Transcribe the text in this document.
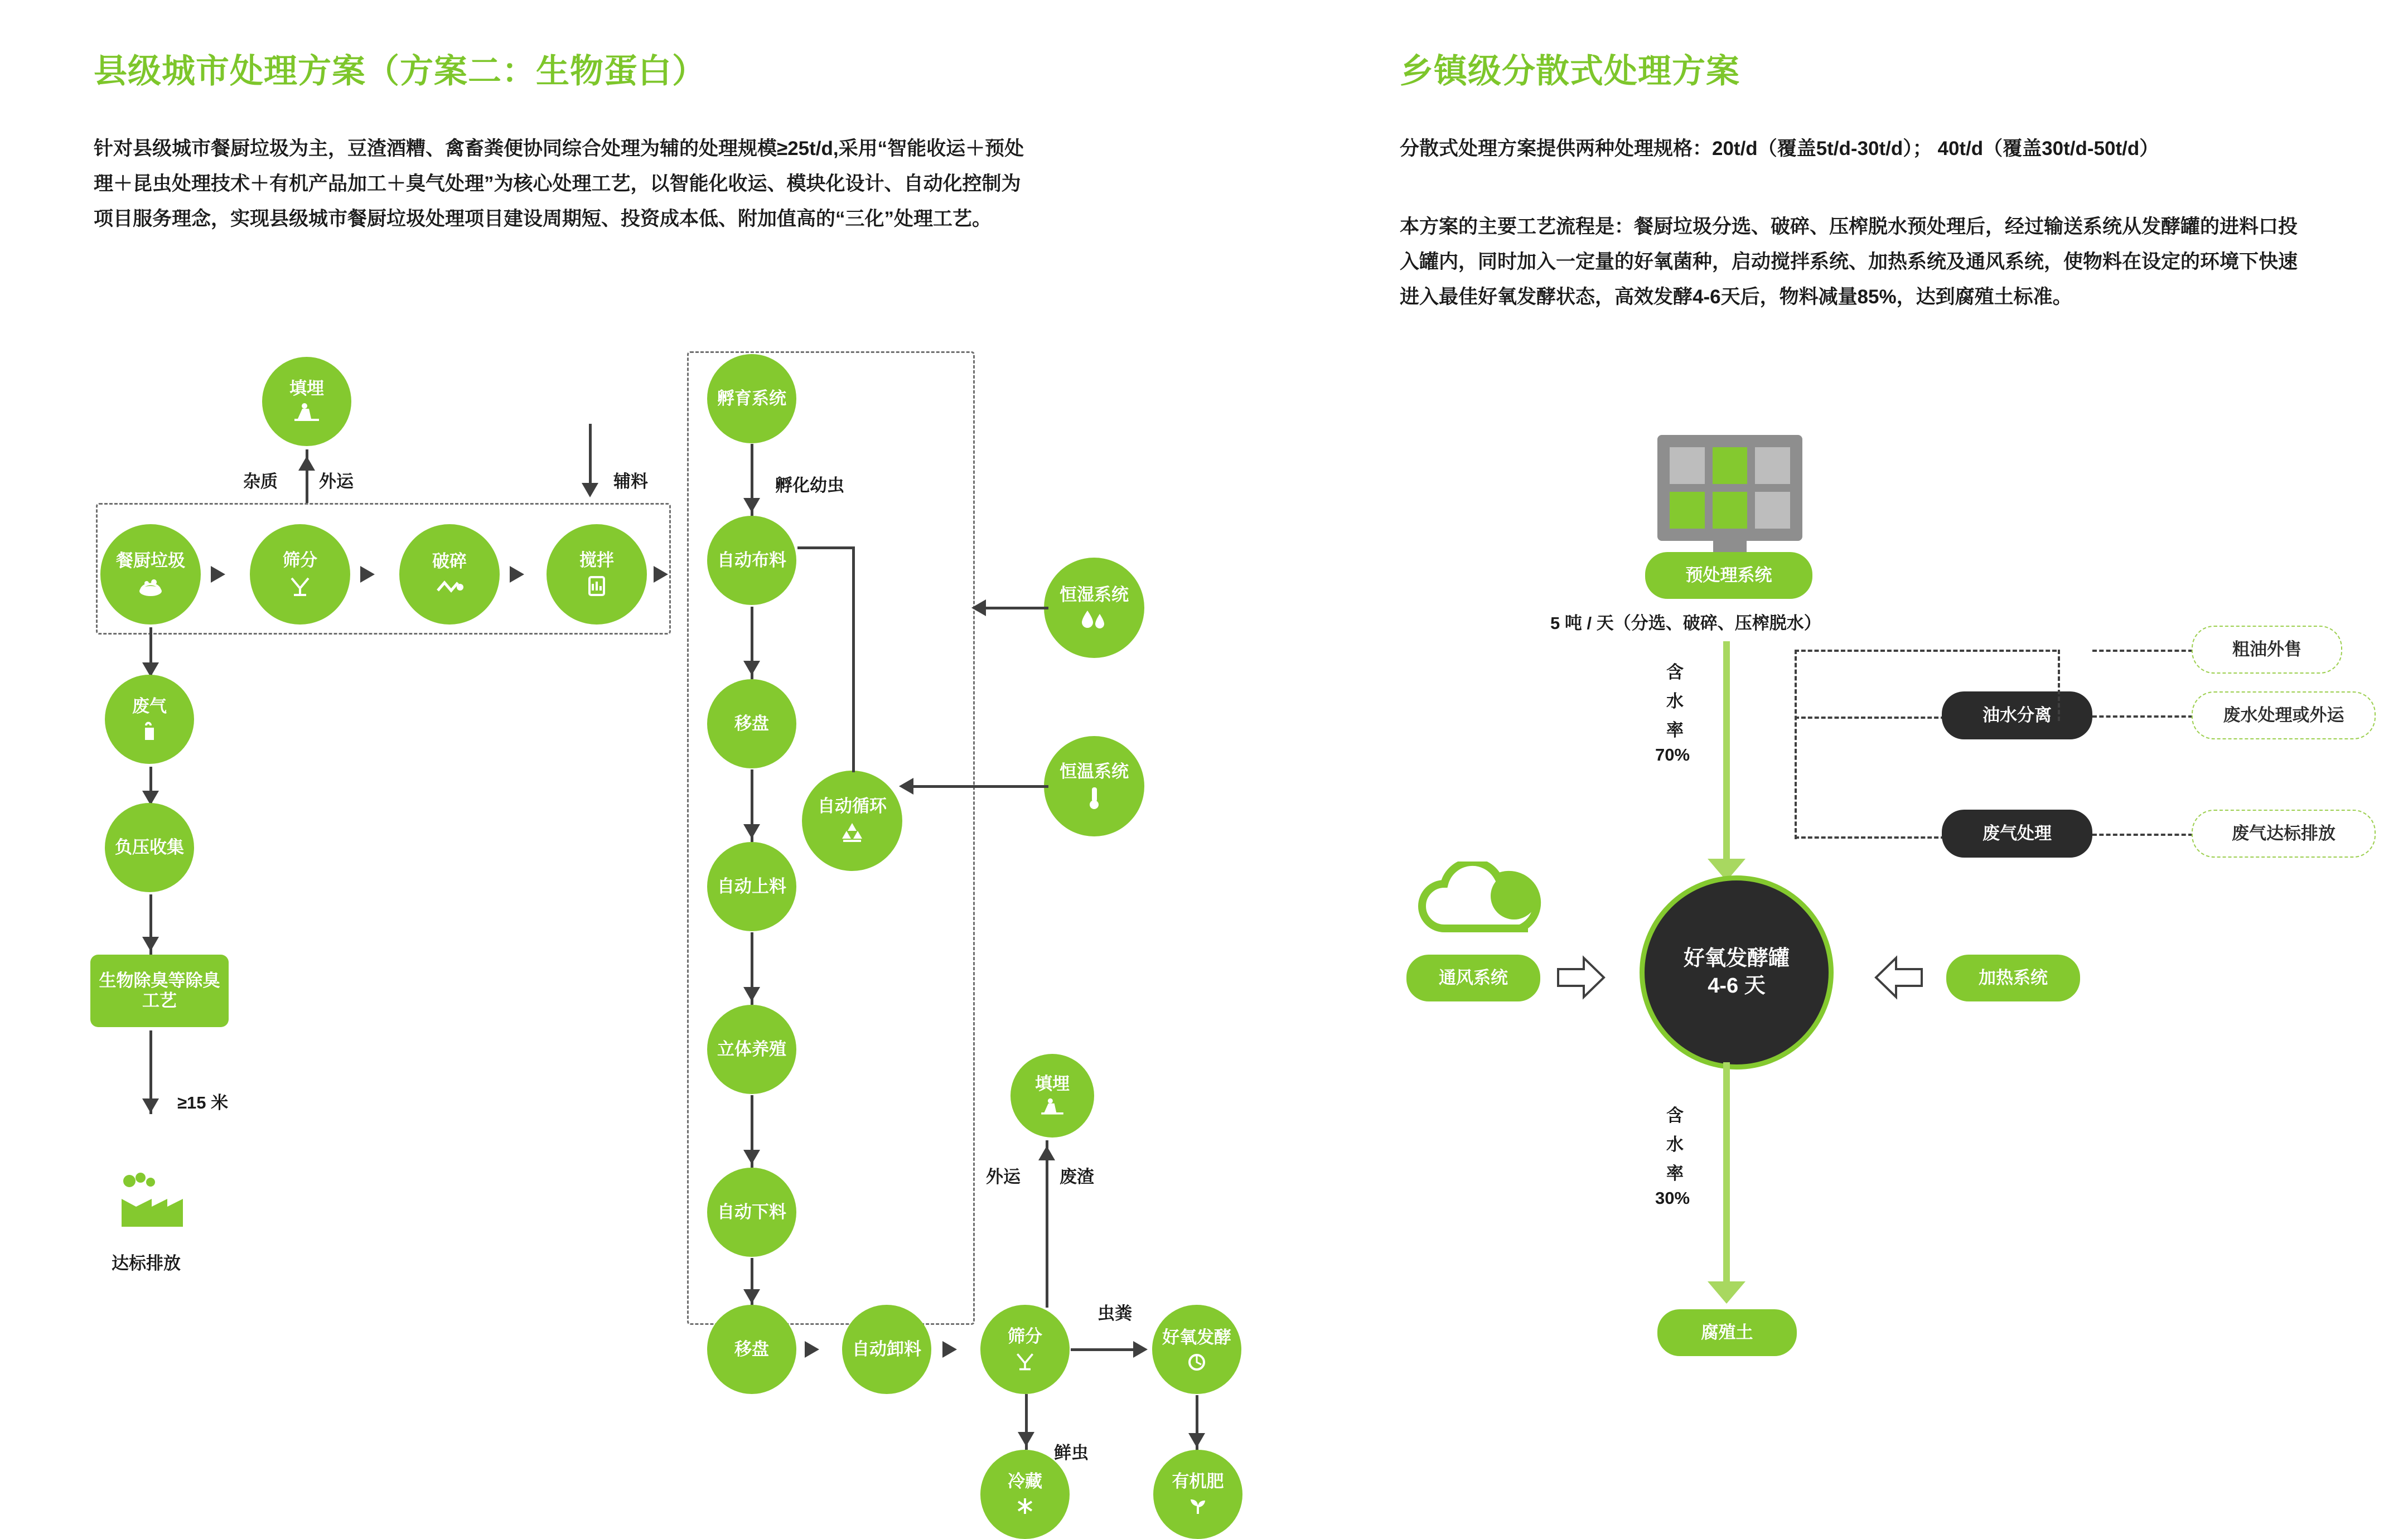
县级城市处理方案（方案二：生物蛋白）
针对县级城市餐厨垃圾为主，豆渣酒糟、禽畜粪便协同综合处理为辅的处理规模≥25t/d,采用“智能收运＋预处理＋昆虫处理技术＋有机产品加工＋臭气处理”为核心处理工艺，以智能化收运、模块化设计、自动化控制为项目服务理念，实现县级城市餐厨垃圾处理项目建设周期短、投资成本低、附加值高的“三化”处理工艺。
填埋
杂质 外运	辅料
餐厨垃圾	筛分	破碎	搅拌
废气
负压收集
生物除臭等除臭工艺
≥15 米
达标排放
孵育系统
孵化幼虫
自动布料
移盘
自动上料
立体养殖
自动下料
移盘	自动卸料
筛分
填埋
外运 废渣
虫粪
好氧发酵
有机肥
鲜虫
冷藏
自动循环
恒湿系统
恒温系统
乡镇级分散式处理方案
分散式处理方案提供两种处理规格：20t/d（覆盖5t/d-30t/d）； 40t/d（覆盖30t/d-50t/d）
本方案的主要工艺流程是：餐厨垃圾分选、破碎、压榨脱水预处理后，经过输送系统从发酵罐的进料口投入罐内，同时加入一定量的好氧菌种，启动搅拌系统、加热系统及通风系统，使物料在设定的环境下快速进入最佳好氧发酵状态，高效发酵4-6天后，物料减量85%，达到腐殖土标准。
预处理系统
5 吨 / 天（分选、破碎、压榨脱水）
含
水
率
70%
油水分离
废气处理
粗油外售
废水处理或外运
废气达标排放
好氧发酵罐
4-6 天
通风系统	加热系统
含
水
率
30%
腐殖土
